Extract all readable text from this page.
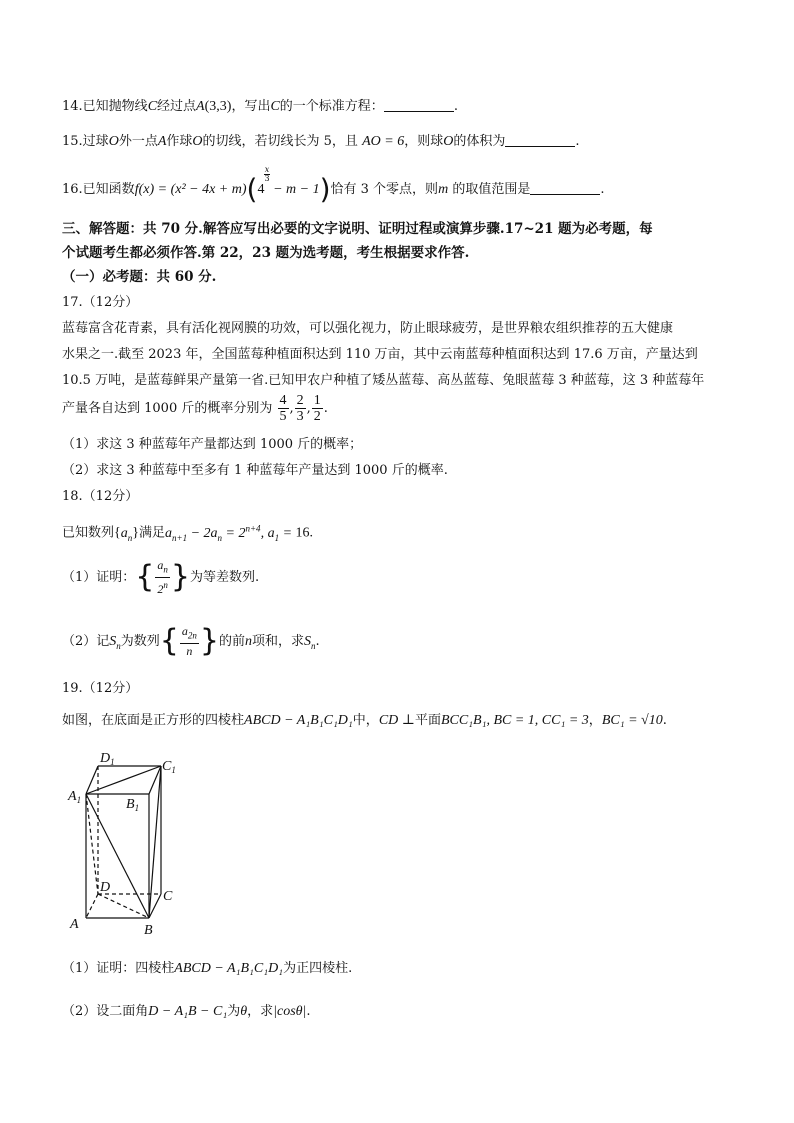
14.已知抛物线C经过点A(3,3)，写出C的一个标准方程：	.
15.过球O外一点A作球O的切线，若切线长为 5，且 AO = 6，则球O的体积为	.
16.已知函数f(x) = (x² − 4x + m)(4
$\frac{x}{3}$
− m − 1)恰有 3 个零点，则m 的取值范围是	.
三、解答题：共 70 分.解答应写出必要的文字说明、证明过程或演算步骤.17~21 题为必考题，每
个试题考生都必须作答.第 22，23 题为选考题，考生根据要求作答.
（一）必考题：共 60 分.
17.（12分）
蓝莓富含花青素，具有活化视网膜的功效，可以强化视力，防止眼球疲劳，是世界粮农组织推荐的五大健康
水果之一.截至 2023 年，全国蓝莓种植面积达到 110 万亩，其中云南蓝莓种植面积达到 17.6 万亩，产量达到
10.5 万吨，是蓝莓鲜果产量第一省.已知甲农户种植了矮丛蓝莓、高丛蓝莓、兔眼蓝莓 3 种蓝莓，这 3 种蓝莓年
产量各自达到 1000 斤的概率分别为 $\frac{4}{5}$ , $\frac{2}{3}$ , $\frac{1}{2}$ .
（1）求这 3 种蓝莓年产量都达到 1000 斤的概率；
（2）求这 3 种蓝莓中至多有 1 种蓝莓年产量达到 1000 斤的概率.
18.（12分）
已知数列$\{a_n\}$满足$a_{n+1} - 2a_n = 2^{n+4}$, $a_1 = 16$.
（1）证明：{ $\frac{a_n}{2^n}$ }为等差数列.
（2）记$S_n$为数列{ $\frac{a_{2n}}{n}$ }的前n项和，求$S_n$.
19.（12分）
如图，在底面是正方形的四棱柱ABCD − A₁B₁C₁D₁中，CD ⊥平面BCC₁B₁, BC = 1, CC₁ = 3，BC₁ = √10.
$D_1$	$C_1$
$A_1$	$B_1$
D
C
A	B
（1）证明：四棱柱ABCD − A₁B₁C₁D₁为正四棱柱.
（2）设二面角D − A₁B − C₁为θ，求|cosθ|.
